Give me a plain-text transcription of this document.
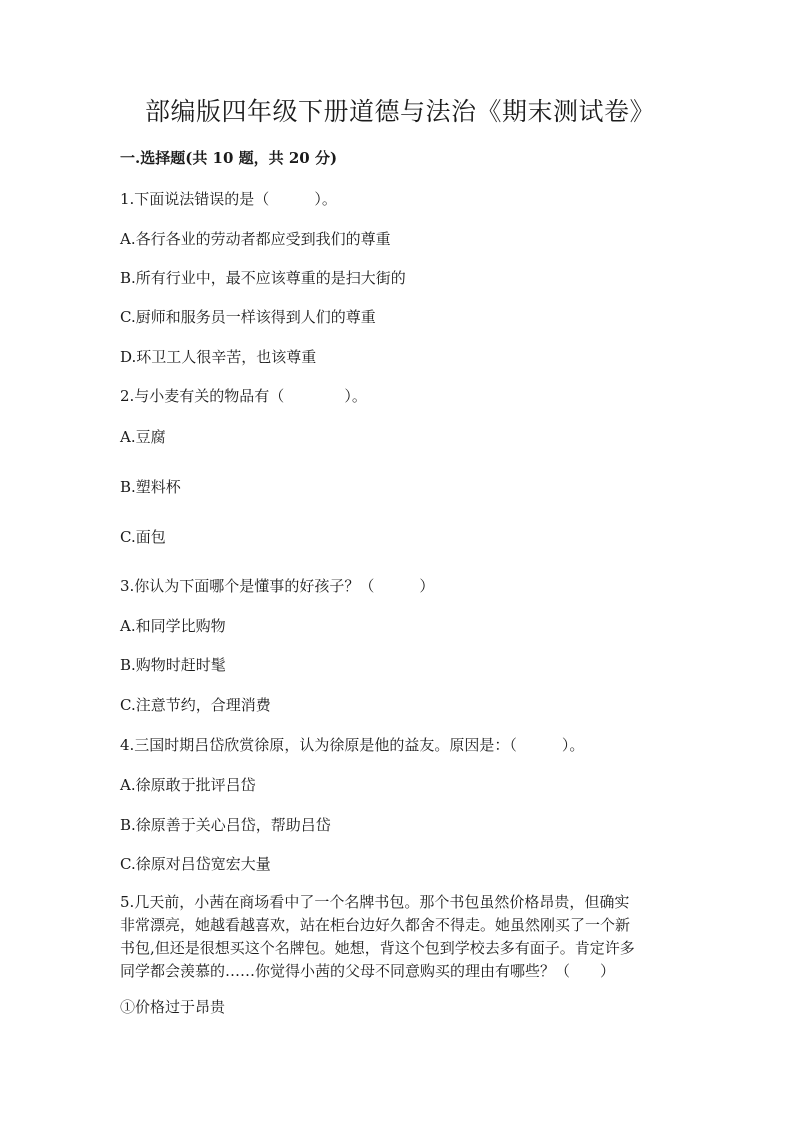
部编版四年级下册道德与法治《期末测试卷》
一.选择题(共 10 题，共 20 分)
1.下面说法错误的是（　　　）。
A.各行各业的劳动者都应受到我们的尊重
B.所有行业中，最不应该尊重的是扫大街的
C.厨师和服务员一样该得到人们的尊重
D.环卫工人很辛苦，也该尊重
2.与小麦有关的物品有（　　　　）。
A.豆腐
B.塑料杯
C.面包
3.你认为下面哪个是懂事的好孩子？（　　　）
A.和同学比购物
B.购物时赶时髦
C.注意节约，合理消费
4.三国时期吕岱欣赏徐原，认为徐原是他的益友。原因是：（　　　）。
A.徐原敢于批评吕岱
B.徐原善于关心吕岱，帮助吕岱
C.徐原对吕岱宽宏大量
5.几天前，小茜在商场看中了一个名牌书包。那个书包虽然价格昂贵，但确实
非常漂亮，她越看越喜欢，站在柜台边好久都舍不得走。她虽然刚买了一个新
书包,但还是很想买这个名牌包。她想，背这个包到学校去多有面子。肯定许多
同学都会羡慕的……你觉得小茜的父母不同意购买的理由有哪些？（　　）
①价格过于昂贵
